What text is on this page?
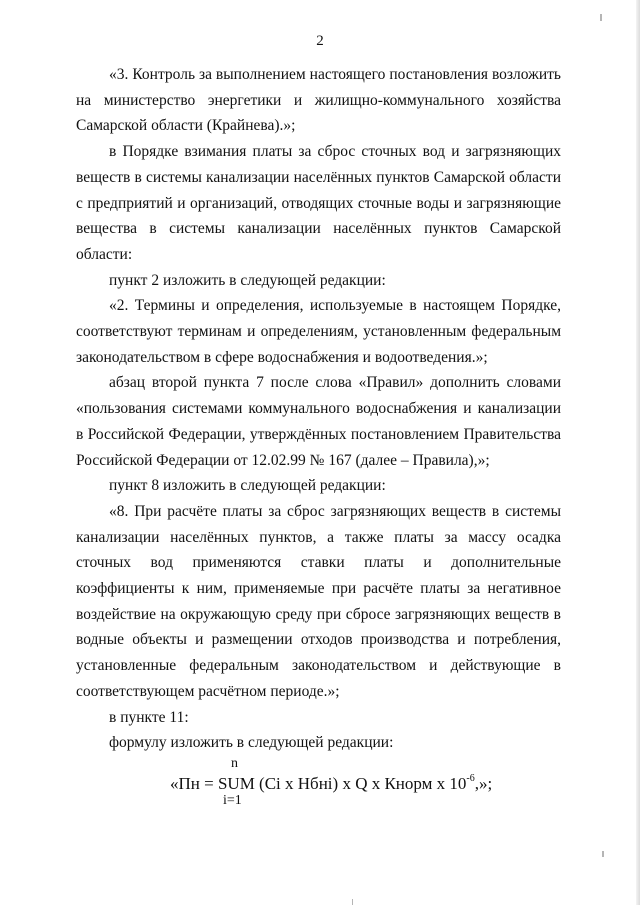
2

«3. Контроль за выполнением настоящего постановления возложить на министерство энергетики и жилищно-коммунального хозяйства Самарской области (Крайнева).»;

в Порядке взимания платы за сброс сточных вод и загрязняющих веществ в системы канализации населённых пунктов Самарской области с предприятий и организаций, отводящих сточные воды и загрязняющие вещества в системы канализации населённых пунктов Самарской области:

пункт 2 изложить в следующей редакции:

«2. Термины и определения, используемые в настоящем Порядке, соответствуют терминам и определениям, установленным федеральным законодательством в сфере водоснабжения и водоотведения.»;

абзац второй пункта 7 после слова «Правил» дополнить словами «пользования системами коммунального водоснабжения и канализации в Российской Федерации, утверждённых постановлением Правительства Российской Федерации от 12.02.99 № 167 (далее – Правила),»;

пункт 8 изложить в следующей редакции:

«8. При расчёте платы за сброс загрязняющих веществ в системы канализации населённых пунктов, а также платы за массу осадка сточных вод применяются ставки платы и дополнительные коэффициенты к ним, применяемые при расчёте платы за негативное воздействие на окружающую среду при сбросе загрязняющих веществ в водные объекты и размещении отходов производства и потребления, установленные федеральным законодательством и действующие в соответствующем расчётном периоде.»;

в пункте 11:

формулу изложить в следующей редакции:

n
«Пн = SUM (Ci x Нбнi) x Q x Кнорм x $10^{-6}$,»;
i=1
